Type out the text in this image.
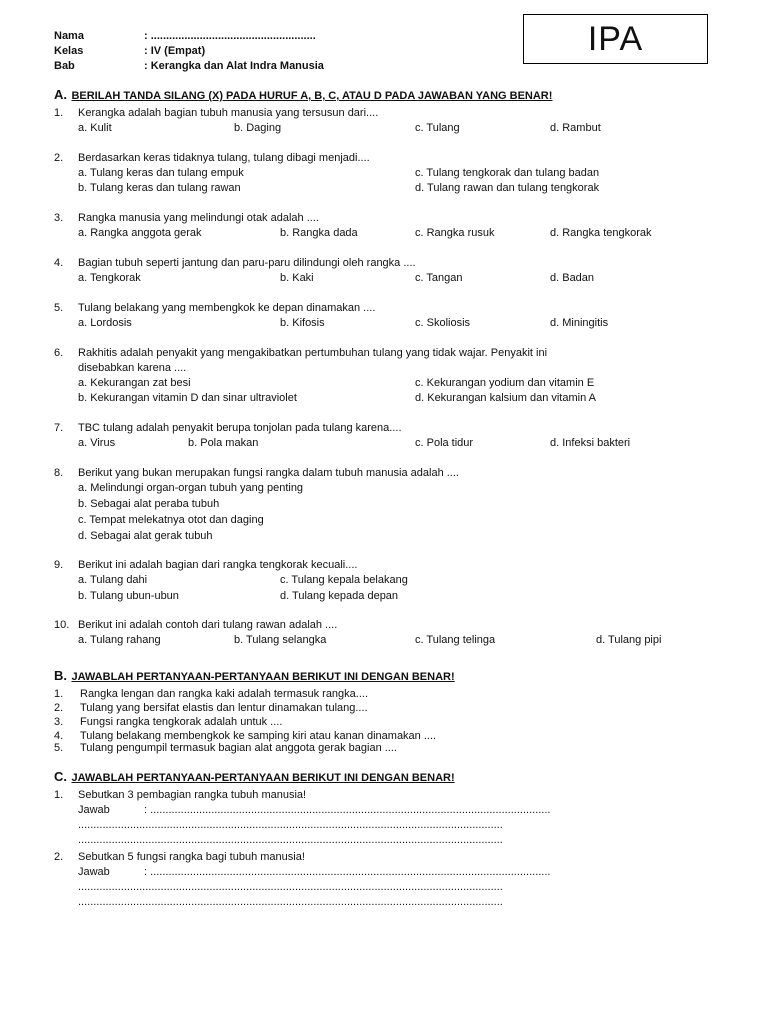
Nama	: ......................................................
Kelas	: IV (Empat)
Bab	: Kerangka dan Alat Indra Manusia
IPA
A. BERILAH TANDA SILANG (X) PADA HURUF A, B, C, ATAU D PADA JAWABAN YANG BENAR!
1. Kerangka adalah bagian tubuh manusia yang tersusun dari....
a. Kulit	b. Daging	c. Tulang	d. Rambut
2. Berdasarkan keras tidaknya tulang, tulang dibagi menjadi....
a. Tulang keras dan tulang empuk
b. Tulang keras dan tulang rawan
c. Tulang tengkorak dan tulang badan
d. Tulang rawan dan tulang tengkorak
3. Rangka manusia yang melindungi otak adalah ....
a. Rangka anggota gerak	b. Rangka dada	c. Rangka rusuk	d. Rangka tengkorak
4. Bagian tubuh seperti jantung dan paru-paru dilindungi oleh rangka ....
a. Tengkorak	b. Kaki	c. Tangan	d. Badan
5. Tulang belakang yang membengkok ke depan dinamakan ....
a. Lordosis	b. Kifosis	c. Skoliosis	d. Miningitis
6. Rakhitis adalah penyakit yang mengakibatkan pertumbuhan tulang yang tidak wajar. Penyakit ini
disebabkan karena ....
a. Kekurangan zat besi
b. Kekurangan vitamin D dan sinar ultraviolet
c. Kekurangan yodium dan vitamin E
d. Kekurangan kalsium dan vitamin A
7. TBC tulang adalah penyakit berupa tonjolan pada tulang karena....
a. Virus	b. Pola makan	c. Pola tidur	d. Infeksi bakteri
8. Berikut yang bukan merupakan fungsi rangka dalam tubuh manusia adalah ....
a. Melindungi organ-organ tubuh yang penting
b. Sebagai alat peraba tubuh
c. Tempat melekatnya otot dan daging
d. Sebagai alat gerak tubuh
9. Berikut ini adalah bagian dari rangka tengkorak kecuali....
a. Tulang dahi
b. Tulang ubun-ubun
c. Tulang kepala belakang
d. Tulang kepada depan
10. Berikut ini adalah contoh dari tulang rawan adalah ....
a. Tulang rahang	b. Tulang selangka	c. Tulang telinga	d. Tulang pipi
B. JAWABLAH PERTANYAAN-PERTANYAAN BERIKUT INI DENGAN BENAR!
1. Rangka lengan dan rangka kaki adalah termasuk rangka....
2. Tulang yang bersifat elastis dan lentur dinamakan tulang....
3. Fungsi rangka tengkorak adalah untuk ....
4. Tulang belakang membengkok ke samping kiri atau kanan dinamakan ....
5. Tulang pengumpil termasuk bagian alat anggota gerak bagian ....
C. JAWABLAH PERTANYAAN-PERTANYAAN BERIKUT INI DENGAN BENAR!
1. Sebutkan 3 pembagian rangka tubuh manusia!
Jawab	: ...................................................................................................................................
...........................................................................................................................................
...........................................................................................................................................
2. Sebutkan 5 fungsi rangka bagi tubuh manusia!
Jawab	: ...................................................................................................................................
...........................................................................................................................................
...........................................................................................................................................
